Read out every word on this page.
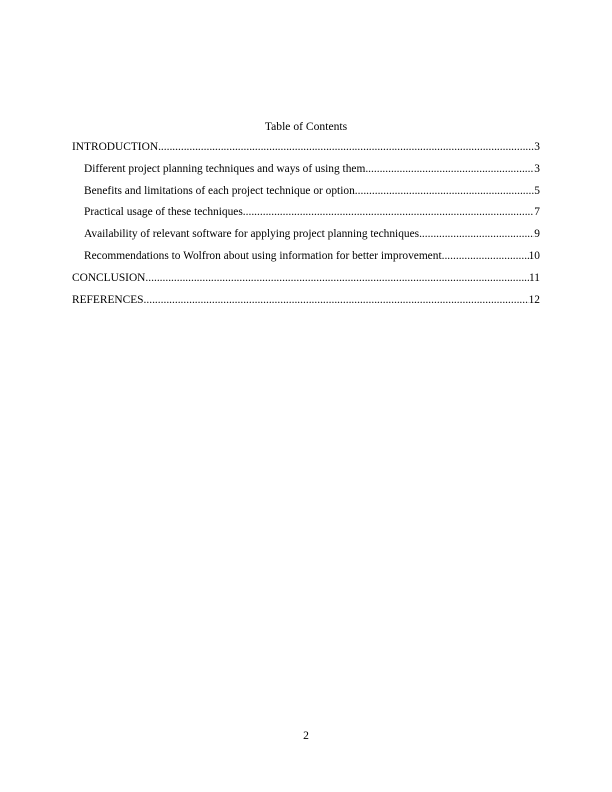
Table of Contents
INTRODUCTION .....	3
Different project planning techniques and ways of using them .....	3
Benefits and limitations of each project technique or option .....	5
Practical usage of these techniques .....	7
Availability of relevant software for applying project planning techniques .....	9
Recommendations to Wolfron about using information for better improvement .....	10
CONCLUSION .....	11
REFERENCES .....	12
2
